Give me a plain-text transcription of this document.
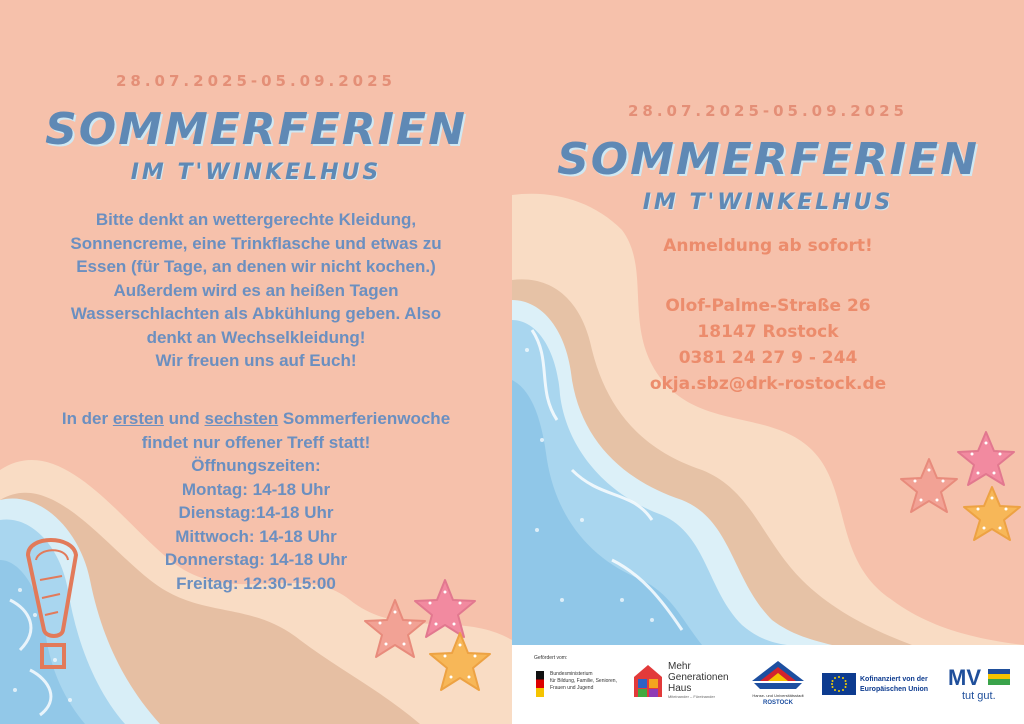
28.07.2025-05.09.2025
SOMMERFERIEN
IM T'WINKELHUS
Bitte denkt an wettergerechte Kleidung,
Sonnencreme, eine Trinkflasche und etwas zu
Essen (für Tage, an denen wir nicht kochen.)
Außerdem wird es an heißen Tagen
Wasserschlachten als Abkühlung geben. Also
denkt an Wechselkleidung!
Wir freuen uns auf Euch!
In der ersten und sechsten Sommerferienwoche
findet nur offener Treff statt!
Öffnungszeiten:
Montag: 14-18 Uhr
Dienstag:14-18 Uhr
Mittwoch: 14-18 Uhr
Donnerstag: 14-18 Uhr
Freitag: 12:30-15:00
28.07.2025-05.09.2025
SOMMERFERIEN
IM T'WINKELHUS
Anmeldung ab sofort!
Olof-Palme-Straße 26
18147 Rostock
0381 24 27 9 - 244
okja.sbz@drk-rostock.de
Gefördert vom:
Bundesministerium
für Bildung, Familie, Senioren,
Frauen und Jugend
Mehr
Generationen
Haus
Miteinander – Füreinander	Hanse- und Universitätsstadt
ROSTOCK
Kofinanziert von der
Europäischen Union MV
tut gut.
